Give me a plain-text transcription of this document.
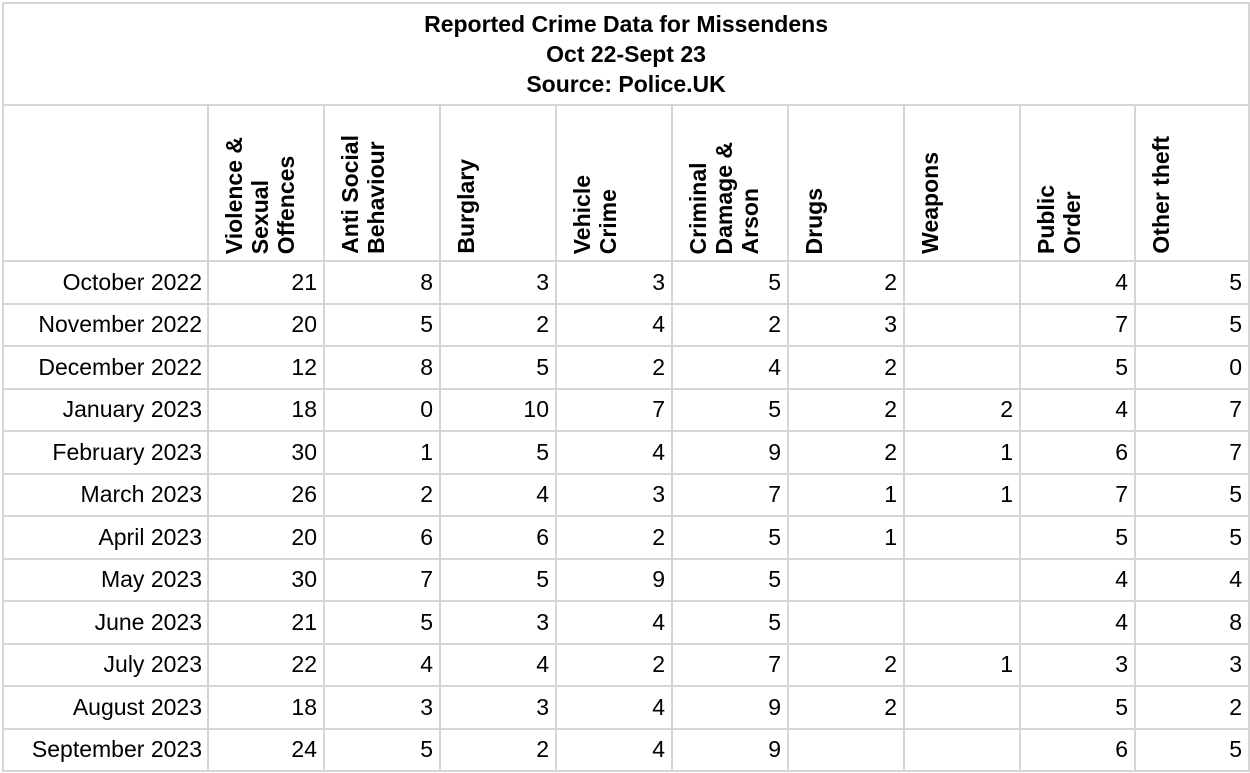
Reported Crime Data for Missendens
Oct 22-Sept 23
Source: Police.UK									

	Violence &
Sexual
Offences	Anti Social
Behaviour	Burglary	Vehicle
Crime	Criminal
Damage &
Arson	Drugs	Weapons	Public
Order	Other theft

October 2022	21	8	3	3	5	2		4	5
November 2022	20	5	2	4	2	3		7	5
December 2022	12	8	5	2	4	2		5	0
January 2023	18	0	10	7	5	2	2	4	7
February 2023	30	1	5	4	9	2	1	6	7
March 2023	26	2	4	3	7	1	1	7	5
April 2023	20	6	6	2	5	1		5	5
May 2023	30	7	5	9	5			4	4
June 2023	21	5	3	4	5			4	8
July 2023	22	4	4	2	7	2	1	3	3
August 2023	18	3	3	4	9	2		5	2
September 2023	24	5	2	4	9			6	5
